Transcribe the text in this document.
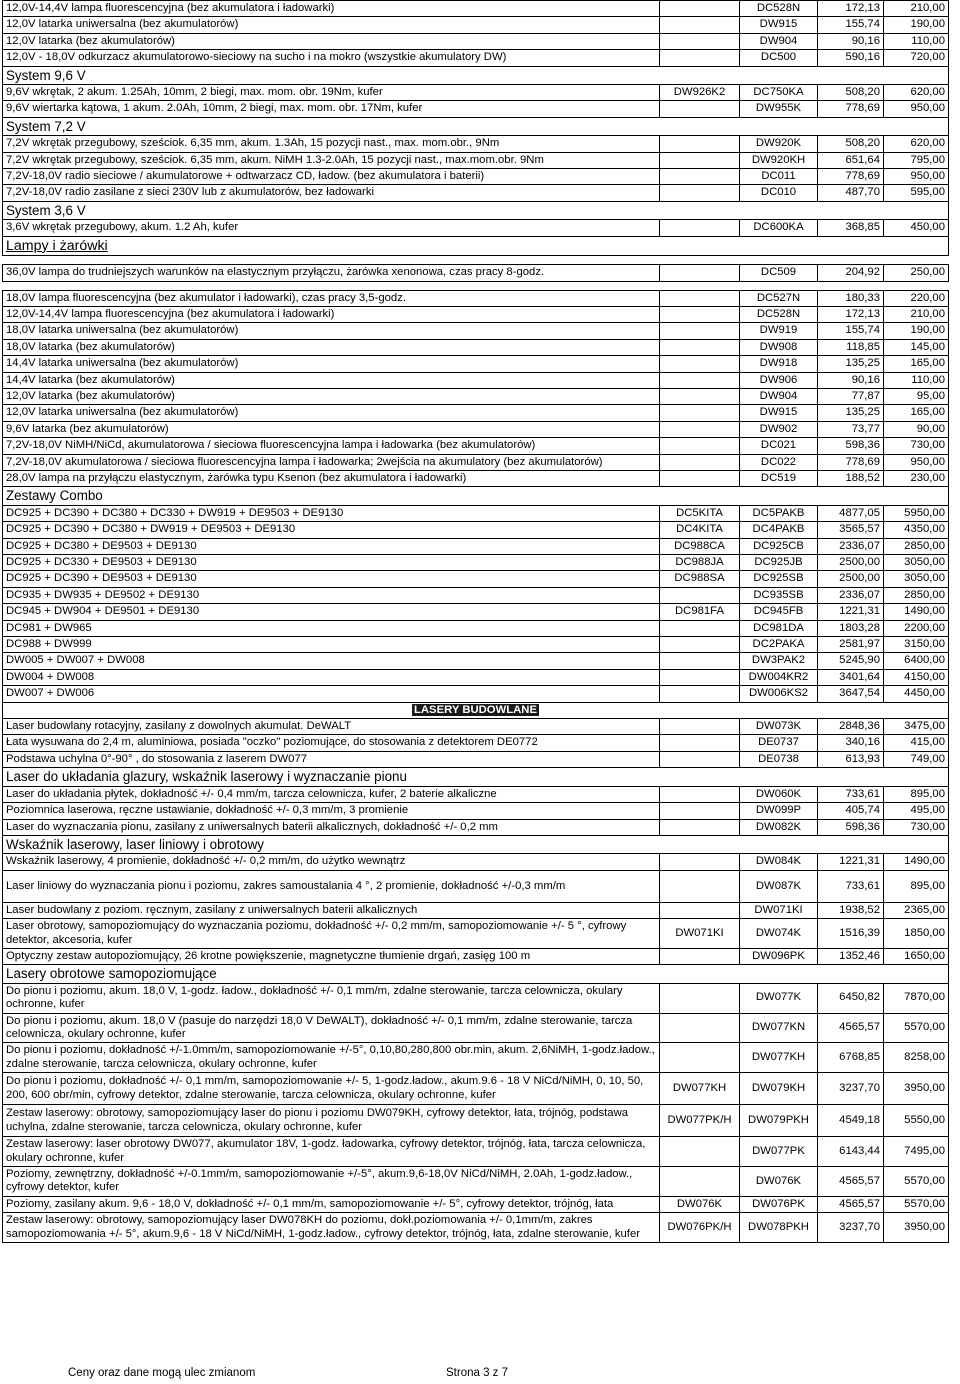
12,0V-14,4V lampa fluorescencyjna (bez akumulatora i ładowarki)		DC528N	172,13	210,00
12,0V latarka uniwersalna (bez akumulatorów)		DW915	155,74	190,00
12,0V latarka (bez akumulatorów)		DW904	90,16	110,00
12,0V - 18,0V odkurzacz akumulatorowo-sieciowy na sucho i na mokro (wszystkie akumulatory DW)		DC500	590,16	720,00
System 9,6 V				
9,6V wkrętak, 2 akum. 1.25Ah, 10mm, 2 biegi, max. mom. obr. 19Nm, kufer	DW926K2	DC750KA	508,20	620,00
9,6V wiertarka kątowa, 1 akum. 2.0Ah, 10mm, 2 biegi, max. mom. obr. 17Nm, kufer		DW955K	778,69	950,00
System 7,2 V				
7,2V wkrętak przegubowy, sześciok. 6,35 mm, akum. 1.3Ah, 15 pozycji nast., max. mom.obr., 9Nm		DW920K	508,20	620,00
7,2V wkrętak przegubowy, sześciok. 6,35 mm, akum. NiMH 1.3-2.0Ah, 15 pozycji nast., max.mom.obr. 9Nm		DW920KH	651,64	795,00
7,2V-18,0V radio sieciowe / akumulatorowe + odtwarzacz CD, ładow. (bez akumulatora i baterii)		DC011	778,69	950,00
7,2V-18,0V radio zasilane z sieci 230V lub z akumulatorów, bez ładowarki		DC010	487,70	595,00
System 3,6 V				
3,6V wkrętak przegubowy, akum. 1.2 Ah, kufer		DC600KA	368,85	450,00
Lampy i żarówki				

36,0V lampa do trudniejszych warunków na elastycznym przyłączu, żarówka xenonowa, czas pracy 8-godz.		DC509	204,92	250,00

18,0V lampa fluorescencyjna (bez akumulator i ładowarki), czas pracy 3,5-godz.		DC527N	180,33	220,00
12,0V-14,4V lampa fluorescencyjna (bez akumulatora i ładowarki)		DC528N	172,13	210,00
18,0V latarka uniwersalna (bez akumulatorów)		DW919	155,74	190,00
18,0V latarka (bez akumulatorów)		DW908	118,85	145,00
14,4V latarka uniwersalna (bez akumulatorów)		DW918	135,25	165,00
14,4V latarka (bez akumulatorów)		DW906	90,16	110,00
12,0V latarka (bez akumulatorów)		DW904	77,87	95,00
12,0V latarka uniwersalna (bez akumulatorów)		DW915	135,25	165,00
9,6V latarka (bez akumulatorów)		DW902	73,77	90,00
7,2V-18,0V NiMH/NiCd, akumulatorowa / sieciowa fluorescencyjna lampa i ładowarka (bez akumulatorów)		DC021	598,36	730,00
7,2V-18,0V akumulatorowa / sieciowa fluorescencyjna lampa i ładowarka; 2wejścia na akumulatory (bez akumulatorów)		DC022	778,69	950,00
28,0V lampa na przyłączu elastycznym, żarówka typu Ksenon (bez akumulatora i ładowarki)		DC519	188,52	230,00
Zestawy Combo				
DC925 + DC390 + DC380 + DC330 + DW919 + DE9503 + DE9130	DC5KITA	DC5PAKB	4877,05	5950,00
DC925 + DC390 + DC380 + DW919 + DE9503 + DE9130	DC4KITA	DC4PAKB	3565,57	4350,00
DC925 + DC380 + DE9503 + DE9130	DC988CA	DC925CB	2336,07	2850,00
DC925 + DC330 + DE9503 + DE9130	DC988JA	DC925JB	2500,00	3050,00
DC925 + DC390 + DE9503 + DE9130	DC988SA	DC925SB	2500,00	3050,00
DC935 + DW935 + DE9502 + DE9130		DC935SB	2336,07	2850,00
DC945 + DW904 + DE9501 + DE9130	DC981FA	DC945FB	1221,31	1490,00
DC981 + DW965		DC981DA	1803,28	2200,00
DC988 + DW999		DC2PAKA	2581,97	3150,00
DW005 + DW007 + DW008		DW3PAK2	5245,90	6400,00
DW004 + DW008		DW004KR2	3401,64	4150,00
DW007 + DW006		DW006KS2	3647,54	4450,00
LASERY BUDOWLANE				
Laser budowlany rotacyjny, zasilany z dowolnych akumulat. DeWALT		DW073K	2848,36	3475,00
Łata wysuwana do 2,4 m, aluminiowa, posiada "oczko" poziomujące, do stosowania z detektorem DE0772		DE0737	340,16	415,00
Podstawa uchylna 0°-90° , do stosowania z laserem DW077		DE0738	613,93	749,00
Laser do układania glazury, wskaźnik laserowy i wyznaczanie pionu				
Laser do układania płytek, dokładność +/- 0,4 mm/m, tarcza celownicza, kufer, 2 baterie alkaliczne		DW060K	733,61	895,00
Poziomnica laserowa, ręczne ustawianie, dokładność +/- 0,3 mm/m, 3 promienie		DW099P	405,74	495,00
Laser do wyznaczania pionu, zasilany z uniwersalnych baterii alkalicznych, dokładność +/- 0,2 mm		DW082K	598,36	730,00
Wskaźnik laserowy, laser liniowy i obrotowy				
Wskaźnik laserowy, 4 promienie, dokładność +/- 0,2 mm/m, do użytko wewnątrz		DW084K	1221,31	1490,00
Laser liniowy do wyznaczania pionu i poziomu, zakres samoustalania 4 °, 2 promienie, dokładność +/-0,3 mm/m		DW087K	733,61	895,00
Laser budowlany z poziom. ręcznym, zasilany z uniwersalnych baterii alkalicznych		DW071KI	1938,52	2365,00
Laser obrotowy, samopoziomujący do wyznaczania poziomu, dokładność +/- 0,2 mm/m, samopoziomowanie +/- 5 °, cyfrowy detektor, akcesoria, kufer	DW071KI	DW074K	1516,39	1850,00
Optyczny zestaw autopoziomujący, 26 krotne powiększenie, magnetyczne tłumienie drgań, zasięg 100 m		DW096PK	1352,46	1650,00
Lasery obrotowe samopoziomujące				
Do pionu i poziomu, akum. 18,0 V, 1-godz. ładow., dokładność +/- 0,1 mm/m, zdalne sterowanie, tarcza celownicza, okulary ochronne, kufer		DW077K	6450,82	7870,00
Do pionu i poziomu, akum. 18,0 V (pasuje do narzędzi 18,0 V DeWALT), dokładność +/- 0,1 mm/m, zdalne sterowanie, tarcza celownicza, okulary ochronne, kufer		DW077KN	4565,57	5570,00
Do pionu i poziomu, dokładność +/-1.0mm/m, samopoziomowanie +/-5°, 0,10,80,280,800 obr.min, akum. 2,6NiMH, 1-godz.ładow., zdalne sterowanie, tarcza celownicza, okulary ochronne, kufer		DW077KH	6768,85	8258,00
Do pionu i poziomu, dokładność +/- 0,1 mm/m, samopoziomowanie +/- 5, 1-godz.ładow., akum.9.6 - 18 V NiCd/NiMH, 0, 10, 50, 200, 600 obr/min, cyfrowy detektor, zdalne sterowanie, tarcza celownicza, okulary ochronne, kufer	DW077KH	DW079KH	3237,70	3950,00
Zestaw laserowy: obrotowy, samopoziomujący laser do pionu i poziomu DW079KH, cyfrowy detektor, łata, trójnóg, podstawa uchylna, zdalne sterowanie, tarcza celownicza, okulary ochronne, kufer	DW077PK/H	DW079PKH	4549,18	5550,00
Zestaw laserowy: laser obrotowy DW077, akumulator 18V, 1-godz. ładowarka, cyfrowy detektor, trójnóg, łata, tarcza celownicza, okulary ochronne, kufer		DW077PK	6143,44	7495,00
Poziomy, zewnętrzny, dokładność +/-0.1mm/m, samopoziomowanie +/-5°, akum.9,6-18,0V NiCd/NiMH, 2.0Ah, 1-godz.ładow., cyfrowy detektor, kufer		DW076K	4565,57	5570,00
Poziomy, zasilany akum. 9,6 - 18,0 V, dokładność +/- 0,1 mm/m, samopoziomowanie +/- 5°, cyfrowy detektor, trójnóg, łata	DW076K	DW076PK	4565,57	5570,00
Zestaw laserowy: obrotowy, samopoziomujący laser DW078KH do poziomu, dokł.poziomowania +/- 0,1mm/m, zakres samopoziomowania +/- 5°, akum.9,6 - 18 V NiCd/NiMH, 1-godz.ładow., cyfrowy detektor, trójnóg, łata, zdalne sterowanie, kufer	DW076PK/H	DW078PKH	3237,70	3950,00
Ceny oraz dane mogą ulec zmianom	Strona 3 z 7
